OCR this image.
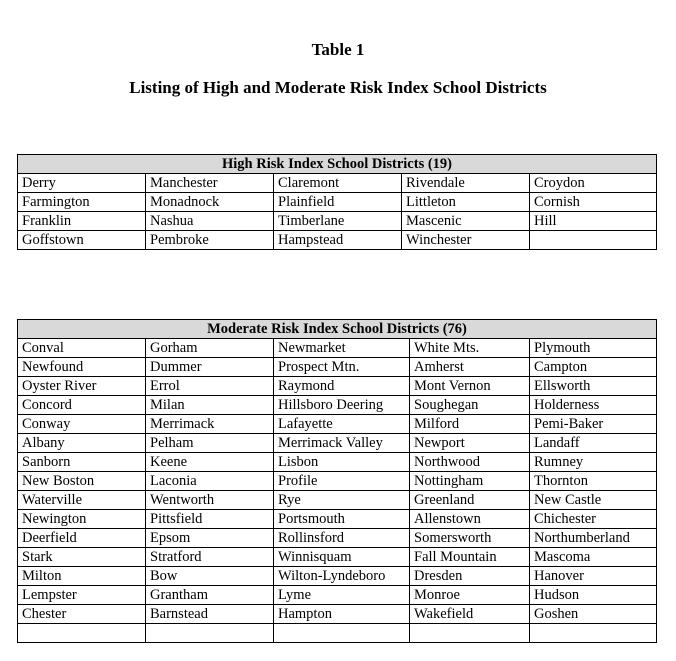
Table 1
Listing of High and Moderate Risk Index School Districts
High Risk Index School Districts (19)				
Derry	Manchester	Claremont	Rivendale	Croydon
Farmington	Monadnock	Plainfield	Littleton	Cornish
Franklin	Nashua	Timberlane	Mascenic	Hill
Goffstown	Pembroke	Hampstead	Winchester	
Moderate Risk Index School Districts (76)				
Conval	Gorham	Newmarket	White Mts.	Plymouth
Newfound	Dummer	Prospect Mtn.	Amherst	Campton
Oyster River	Errol	Raymond	Mont Vernon	Ellsworth
Concord	Milan	Hillsboro Deering	Soughegan	Holderness
Conway	Merrimack	Lafayette	Milford	Pemi-Baker
Albany	Pelham	Merrimack Valley	Newport	Landaff
Sanborn	Keene	Lisbon	Northwood	Rumney
New Boston	Laconia	Profile	Nottingham	Thornton
Waterville	Wentworth	Rye	Greenland	New Castle
Newington	Pittsfield	Portsmouth	Allenstown	Chichester
Deerfield	Epsom	Rollinsford	Somersworth	Northumberland
Stark	Stratford	Winnisquam	Fall Mountain	Mascoma
Milton	Bow	Wilton-Lyndeboro	Dresden	Hanover
Lempster	Grantham	Lyme	Monroe	Hudson
Chester	Barnstead	Hampton	Wakefield	Goshen
